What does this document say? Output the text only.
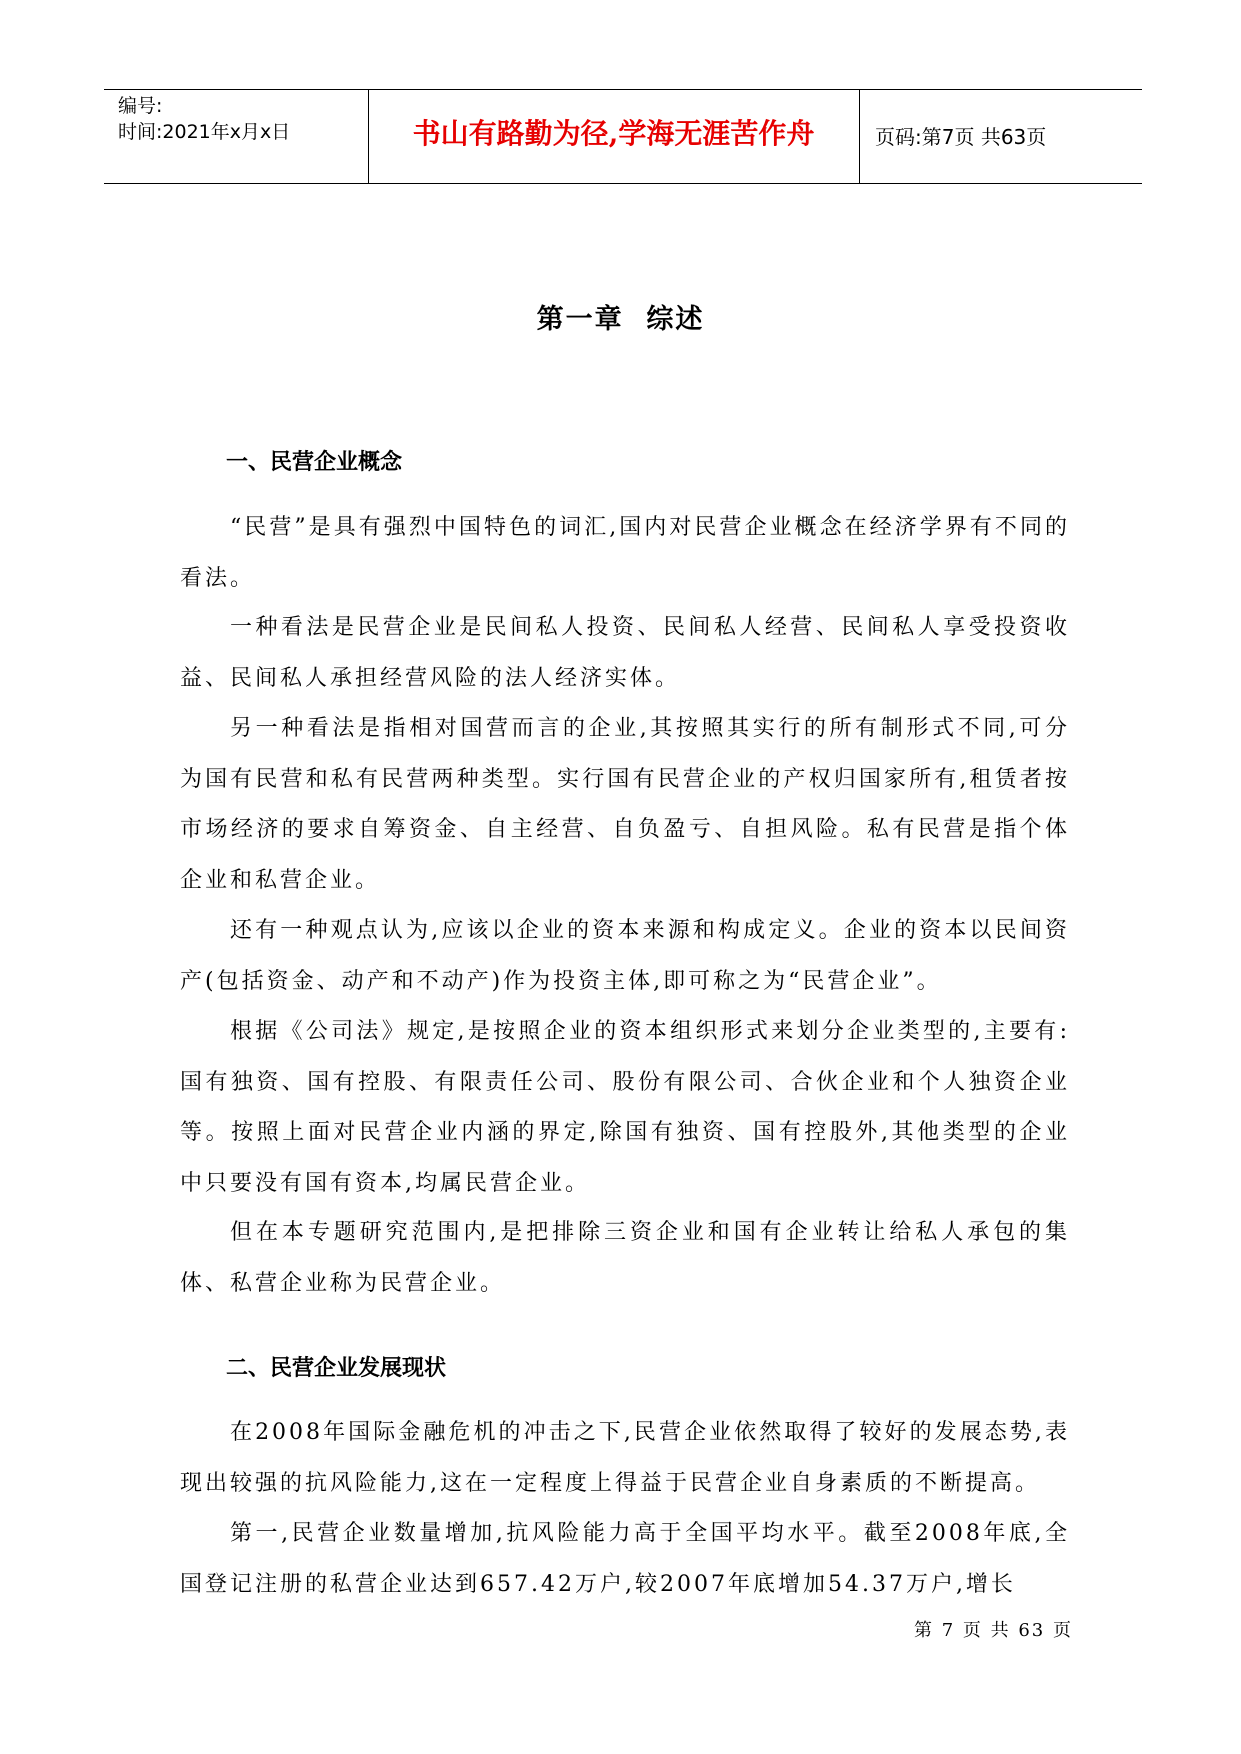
编号:
时间:2021年x月x日	书山有路勤为径,学海无涯苦作舟	页码:第7页 共63页
第一章  综述
一、民营企业概念

“民营”是具有强烈中国特色的词汇,国内对民营企业概念在经济学界有不同的看法。

一种看法是民营企业是民间私人投资、民间私人经营、民间私人享受投资收益、民间私人承担经营风险的法人经济实体。

另一种看法是指相对国营而言的企业,其按照其实行的所有制形式不同,可分为国有民营和私有民营两种类型。实行国有民营企业的产权归国家所有,租赁者按市场经济的要求自筹资金、自主经营、自负盈亏、自担风险。私有民营是指个体企业和私营企业。

还有一种观点认为,应该以企业的资本来源和构成定义。企业的资本以民间资产(包括资金、动产和不动产)作为投资主体,即可称之为“民营企业”。

根据《公司法》规定,是按照企业的资本组织形式来划分企业类型的,主要有:国有独资、国有控股、有限责任公司、股份有限公司、合伙企业和个人独资企业等。按照上面对民营企业内涵的界定,除国有独资、国有控股外,其他类型的企业中只要没有国有资本,均属民营企业。

但在本专题研究范围内,是把排除三资企业和国有企业转让给私人承包的集体、私营企业称为民营企业。

二、民营企业发展现状

在2008年国际金融危机的冲击之下,民营企业依然取得了较好的发展态势,表现出较强的抗风险能力,这在一定程度上得益于民营企业自身素质的不断提高。

第一,民营企业数量增加,抗风险能力高于全国平均水平。截至2008年底,全国登记注册的私营企业达到657.42万户,较2007年底增加54.37万户,增长

第 7 页 共 63 页
